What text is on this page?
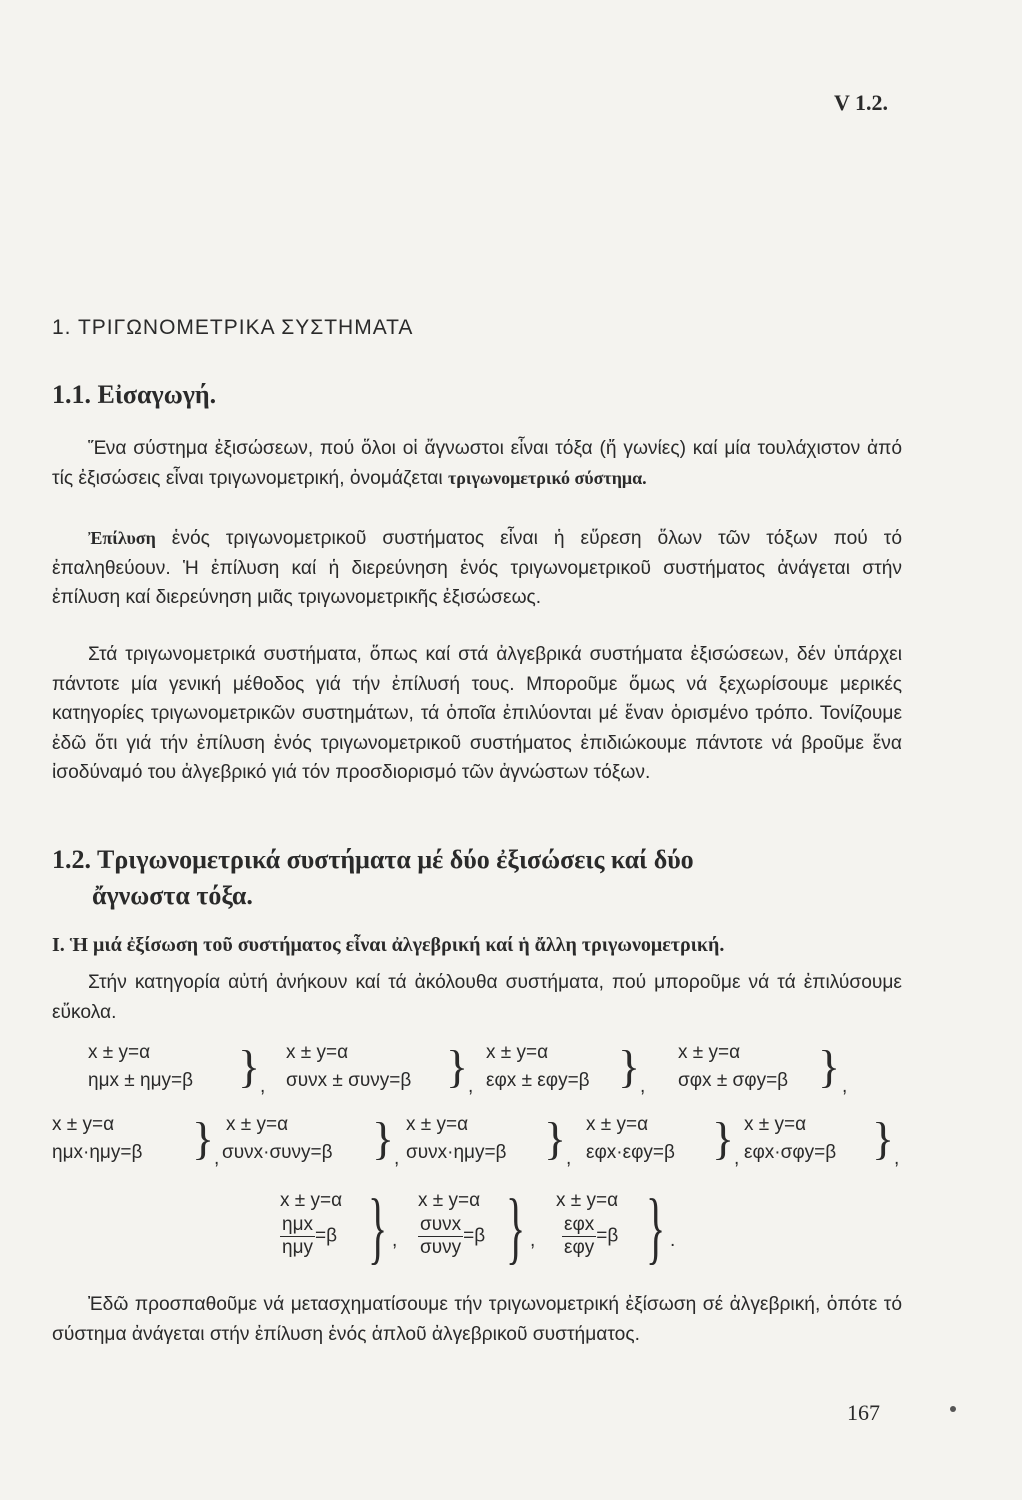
V 1.2.
1. ΤΡΙΓΩΝΟΜΕΤΡΙΚΑ ΣΥΣΤΗΜΑΤΑ
1.1. Εἰσαγωγή.
Ἕνα σύστημα ἐξισώσεων, πού ὅλοι οἱ ἄγνωστοι εἶναι τόξα (ἤ γωνίες) καί μία τουλάχιστον ἀπό τίς ἐξισώσεις εἶναι τριγωνομετρική, ὀνομάζεται τριγωνομετρικό σύστημα.
Ἐπίλυση ἑνός τριγωνομετρικοῦ συστήματος εἶναι ἡ εὕρεση ὅλων τῶν τόξων πού τό ἐπαληθεύουν. Ἡ ἐπίλυση καί ἡ διερεύνηση ἑνός τριγωνομετρικοῦ συστήματος ἀνάγεται στήν ἐπίλυση καί διερεύνηση μιᾶς τριγωνομετρικῆς ἐξισώσεως.
Στά τριγωνομετρικά συστήματα, ὅπως καί στά ἀλγεβρικά συστήματα ἐξισώσεων, δέν ὑπάρχει πάντοτε μία γενική μέθοδος γιά τήν ἐπίλυσή τους. Μποροῦμε ὅμως νά ξεχωρίσουμε μερικές κατηγορίες τριγωνομετρικῶν συστημάτων, τά ὁποῖα ἐπιλύονται μέ ἕναν ὁρισμένο τρόπο. Τονίζουμε ἐδῶ ὅτι γιά τήν ἐπίλυση ἑνός τριγωνομετρικοῦ συστήματος ἐπιδιώκουμε πάντοτε νά βροῦμε ἕνα ἰσοδύναμό του ἀλγεβρικό γιά τόν προσδιορισμό τῶν ἀγνώστων τόξων.
1.2. Τριγωνομετρικά συστήματα μέ δύο ἐξισώσεις καί δύο
ἄγνωστα τόξα.
I. Ἡ μιά ἐξίσωση τοῦ συστήματος εἶναι ἀλγεβρική καί ἡ ἄλλη τριγωνομετρική.
Στήν κατηγορία αὐτή ἀνήκουν καί τά ἀκόλουθα συστήματα, πού μποροῦμε νά τά ἐπιλύσουμε εὔκολα.
x ± y=α
ημx ± ημy=β } ,
x ± y=α
συνx ± συνy=β } ,
x ± y=α
εφx ± εφy=β } ,
x ± y=α
σφx ± σφy=β } ,
x ± y=α
ημx·ημy=β	} ,
x ± y=α
συνx·συνy=β } ,
x ± y=α
συνx·ημy=β } ,
x ± y=α
εφx·εφy=β } ,
x ± y=α
εφx·σφy=β } ,
x ± y=α
$\frac{\text{ημx}}{\text{ημy}} =\beta$ } ,
x ± y=α
$\frac{\text{συνx}}{\text{συνy}} =\beta$ } ,
x ± y=α
$\frac{\text{εφx}}{\text{εφy}} =\beta$ } .
Ἐδῶ προσπαθοῦμε νά μετασχηματίσουμε τήν τριγωνομετρική ἐξίσωση σέ ἀλγεβρική, ὁπότε τό σύστημα ἀνάγεται στήν ἐπίλυση ἑνός ἁπλοῦ ἀλγεβρικοῦ συστήματος.
167
